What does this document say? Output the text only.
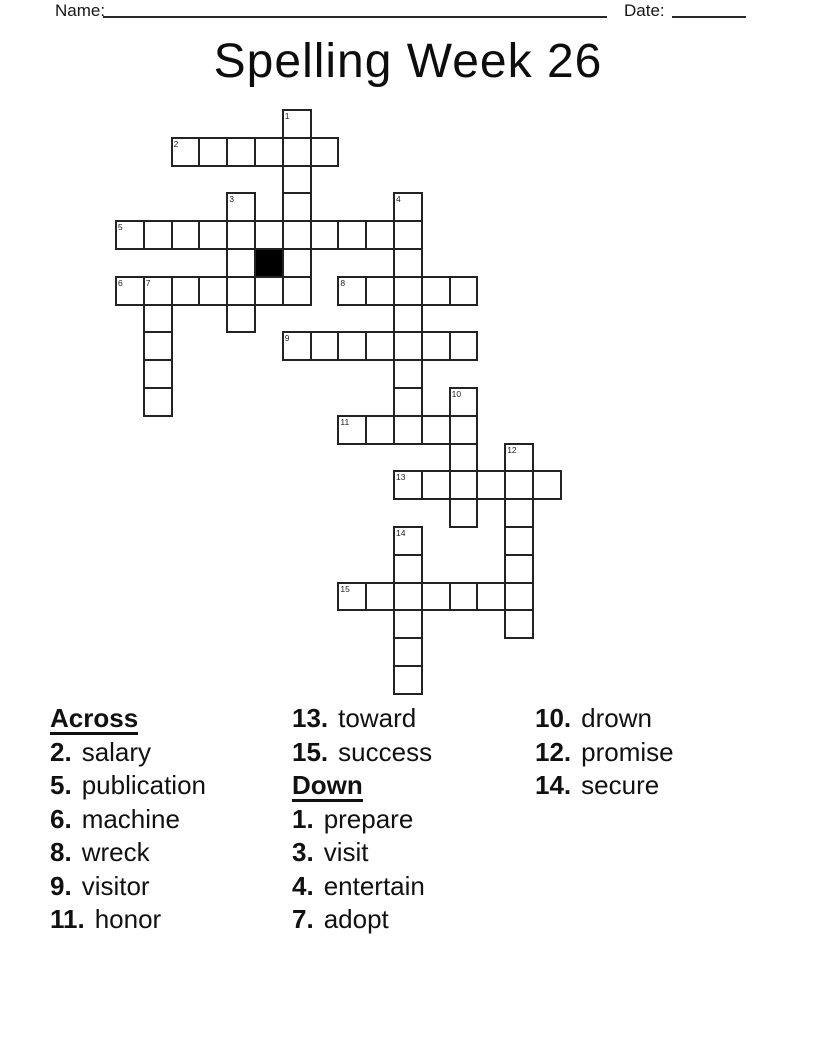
Name:	Date:
Spelling Week 26
1
2
3	4
5
6	7	8
9
10
11
12
13
14
15
Across
2. salary
5. publication
6. machine
8. wreck
9. visitor
11. honor
13. toward
15. success
Down
1. prepare
3. visit
4. entertain
7. adopt
10. drown
12. promise
14. secure
